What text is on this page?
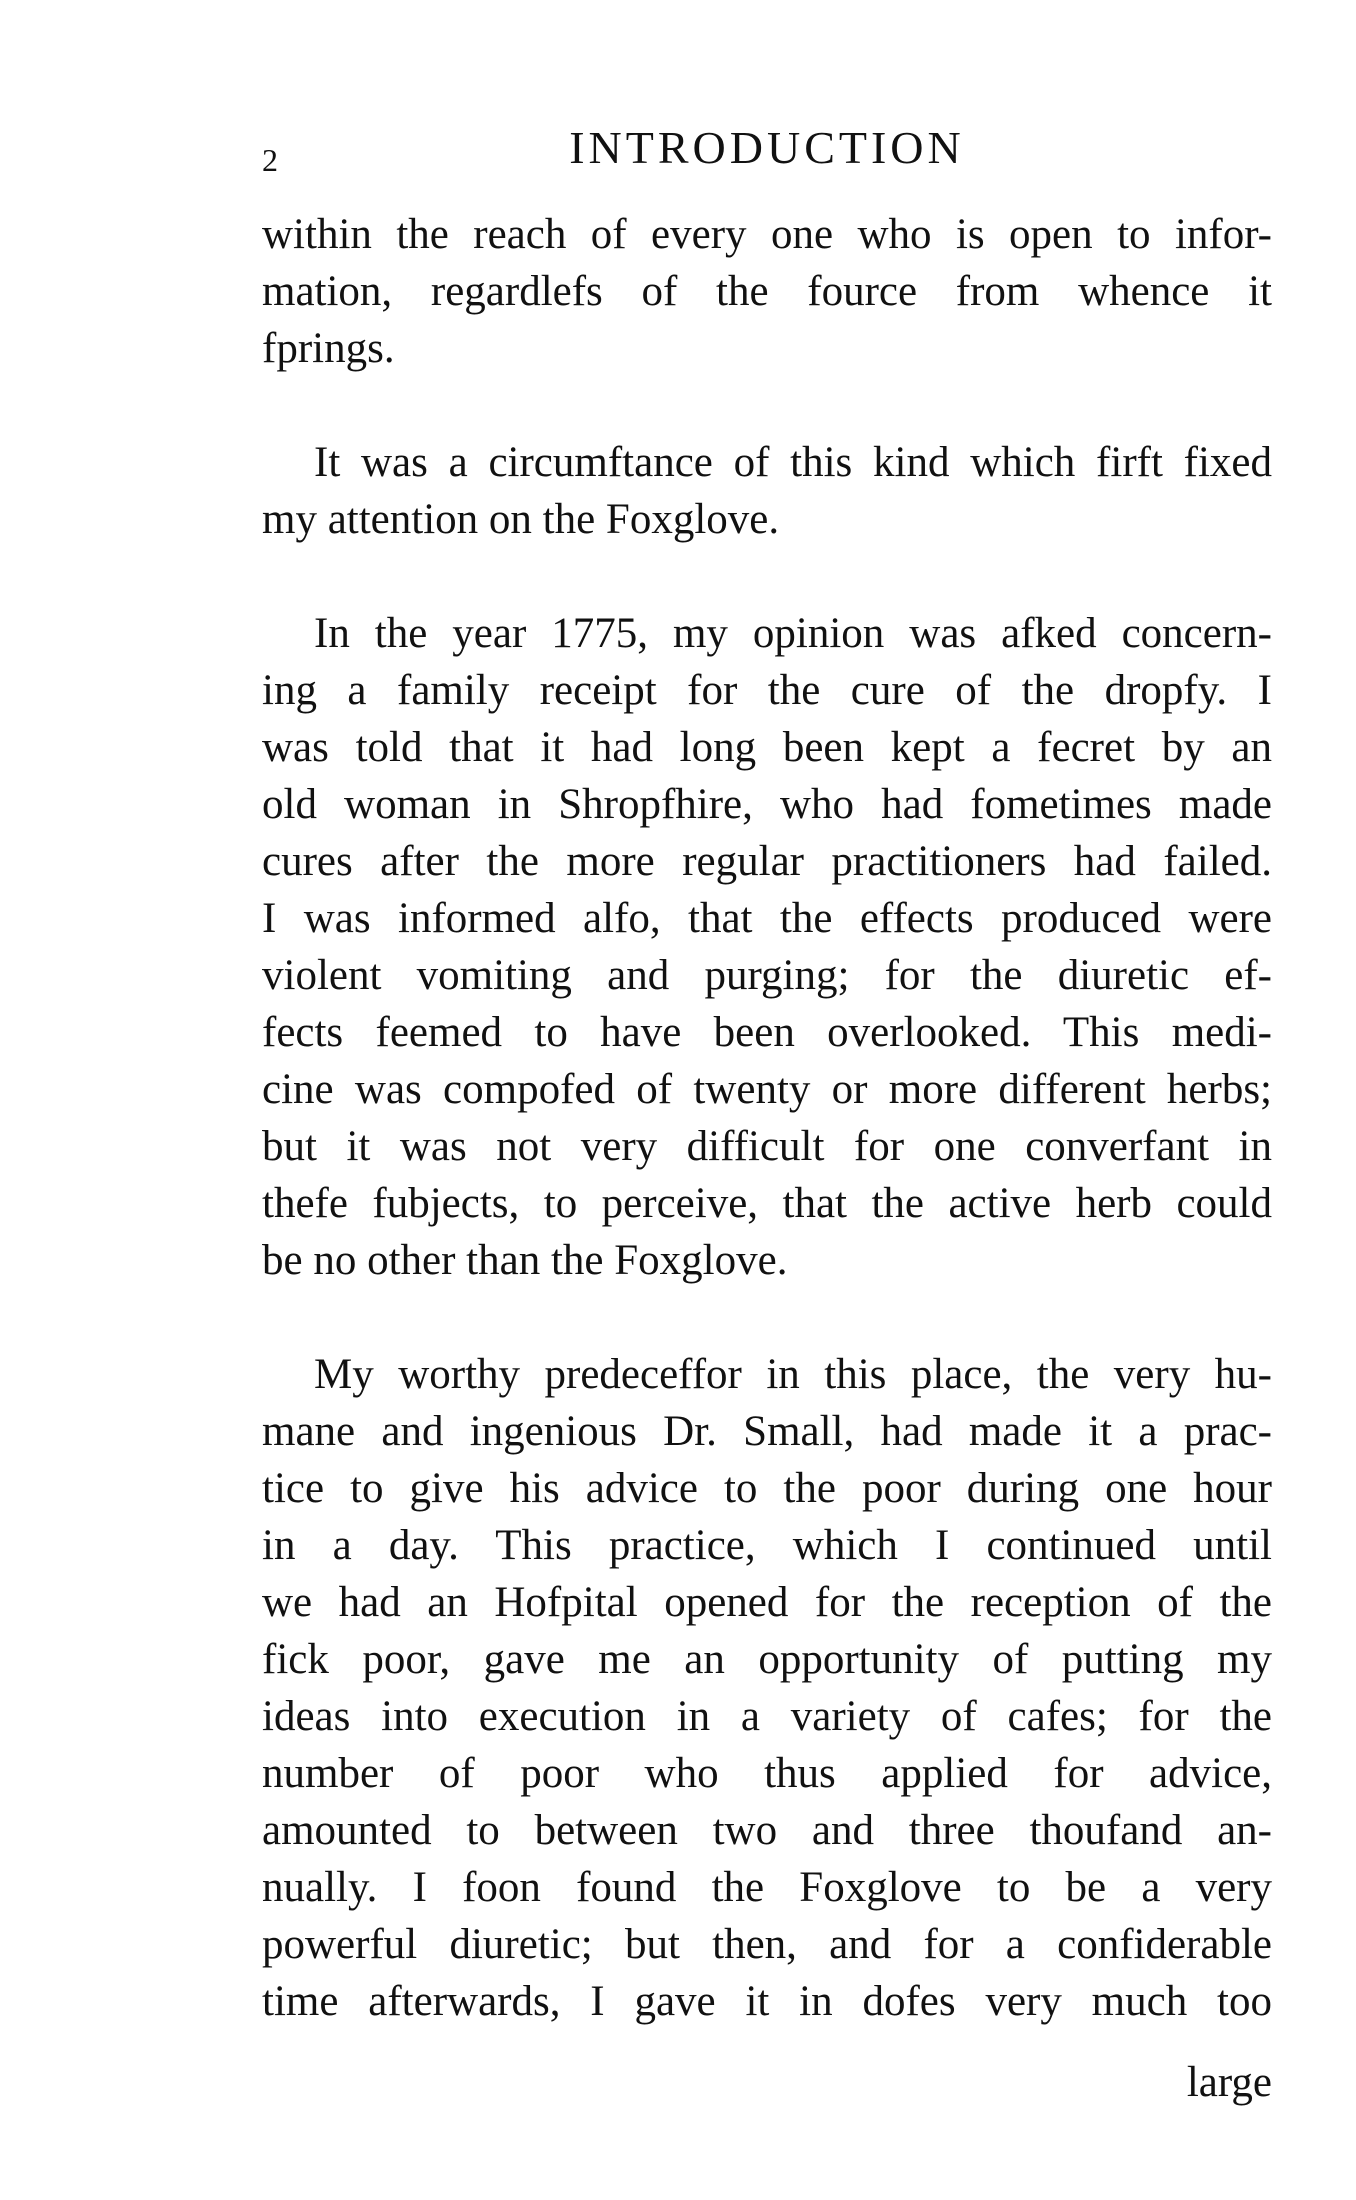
2	INTRODUCTION
within the reach of every one who is open to infor-
mation, regardlefs of the fource from whence it
fprings.
It was a circumftance of this kind which firft fixed
my attention on the Foxglove.
In the year 1775, my opinion was afked concern-
ing a family receipt for the cure of the dropfy. I
was told that it had long been kept a fecret by an
old woman in Shropfhire, who had fometimes made
cures after the more regular practitioners had failed.
I was informed alfo, that the effects produced were
violent vomiting and purging; for the diuretic ef-
fects feemed to have been overlooked. This medi-
cine was compofed of twenty or more different herbs;
but it was not very difficult for one converfant in
thefe fubjects, to perceive, that the active herb could
be no other than the Foxglove.
My worthy predeceffor in this place, the very hu-
mane and ingenious Dr. Small, had made it a prac-
tice to give his advice to the poor during one hour
in a day. This practice, which I continued until
we had an Hofpital opened for the reception of the
fick poor, gave me an opportunity of putting my
ideas into execution in a variety of cafes; for the
number of poor who thus applied for advice,
amounted to between two and three thoufand an-
nually. I foon found the Foxglove to be a very
powerful diuretic; but then, and for a confiderable
time afterwards, I gave it in dofes very much too
large
